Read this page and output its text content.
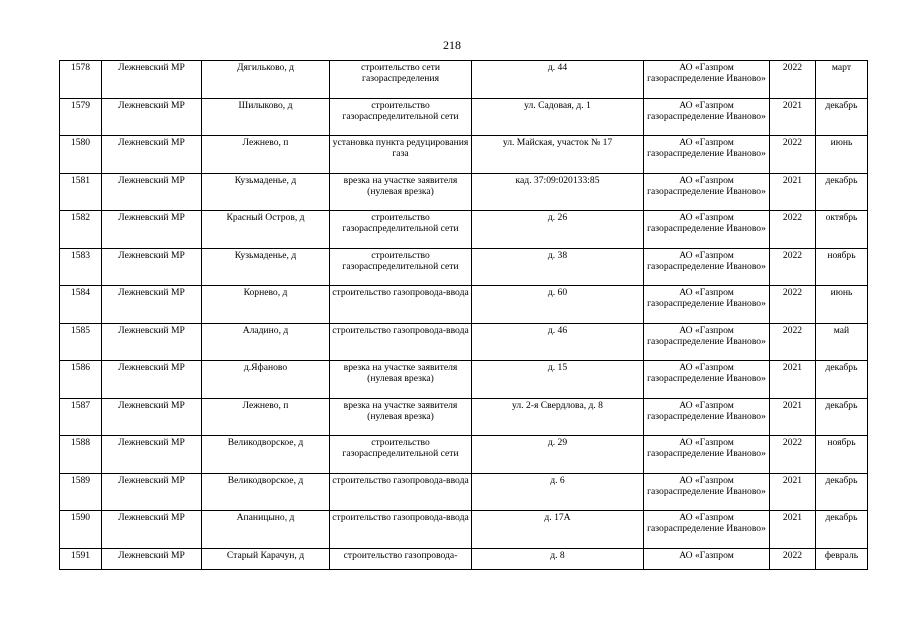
218
1578	Лежневский МР	Дягильково, д	строительство сети газораспределения	д. 44	АО «Газпром газораспределение Иваново»	2022	март
1579	Лежневский МР	Шилыково, д	строительство газораспределительной сети	ул. Садовая, д. 1	АО «Газпром газораспределение Иваново»	2021	декабрь
1580	Лежневский МР	Лежнево, п	установка пункта редуцирования газа	ул. Майская, участок № 17	АО «Газпром газораспределение Иваново»	2022	июнь
1581	Лежневский МР	Кузьмаденье, д	врезка на участке заявителя (нулевая врезка)	кад. 37:09:020133:85	АО «Газпром газораспределение Иваново»	2021	декабрь
1582	Лежневский МР	Красный Остров, д	строительство газораспределительной сети	д. 26	АО «Газпром газораспределение Иваново»	2022	октябрь
1583	Лежневский МР	Кузьмаденье, д	строительство газораспределительной сети	д. 38	АО «Газпром газораспределение Иваново»	2022	ноябрь
1584	Лежневский МР	Корнево, д	строительство газопровода-ввода	д. 60	АО «Газпром газораспределение Иваново»	2022	июнь
1585	Лежневский МР	Аладино, д	строительство газопровода-ввода	д. 46	АО «Газпром газораспределение Иваново»	2022	май
1586	Лежневский МР	д.Яфаново	врезка на участке заявителя (нулевая врезка)	д. 15	АО «Газпром газораспределение Иваново»	2021	декабрь
1587	Лежневский МР	Лежнево, п	врезка на участке заявителя (нулевая врезка)	ул. 2-я Свердлова, д. 8	АО «Газпром газораспределение Иваново»	2021	декабрь
1588	Лежневский МР	Великодворское, д	строительство газораспределительной сети	д. 29	АО «Газпром газораспределение Иваново»	2022	ноябрь
1589	Лежневский МР	Великодворское, д	строительство газопровода-ввода	д. 6	АО «Газпром газораспределение Иваново»	2021	декабрь
1590	Лежневский МР	Апаницыно, д	строительство газопровода-ввода	д. 17А	АО «Газпром газораспределение Иваново»	2021	декабрь
1591	Лежневский МР	Старый Карачун, д	строительство газопровода-	д. 8	АО «Газпром	2022	февраль
